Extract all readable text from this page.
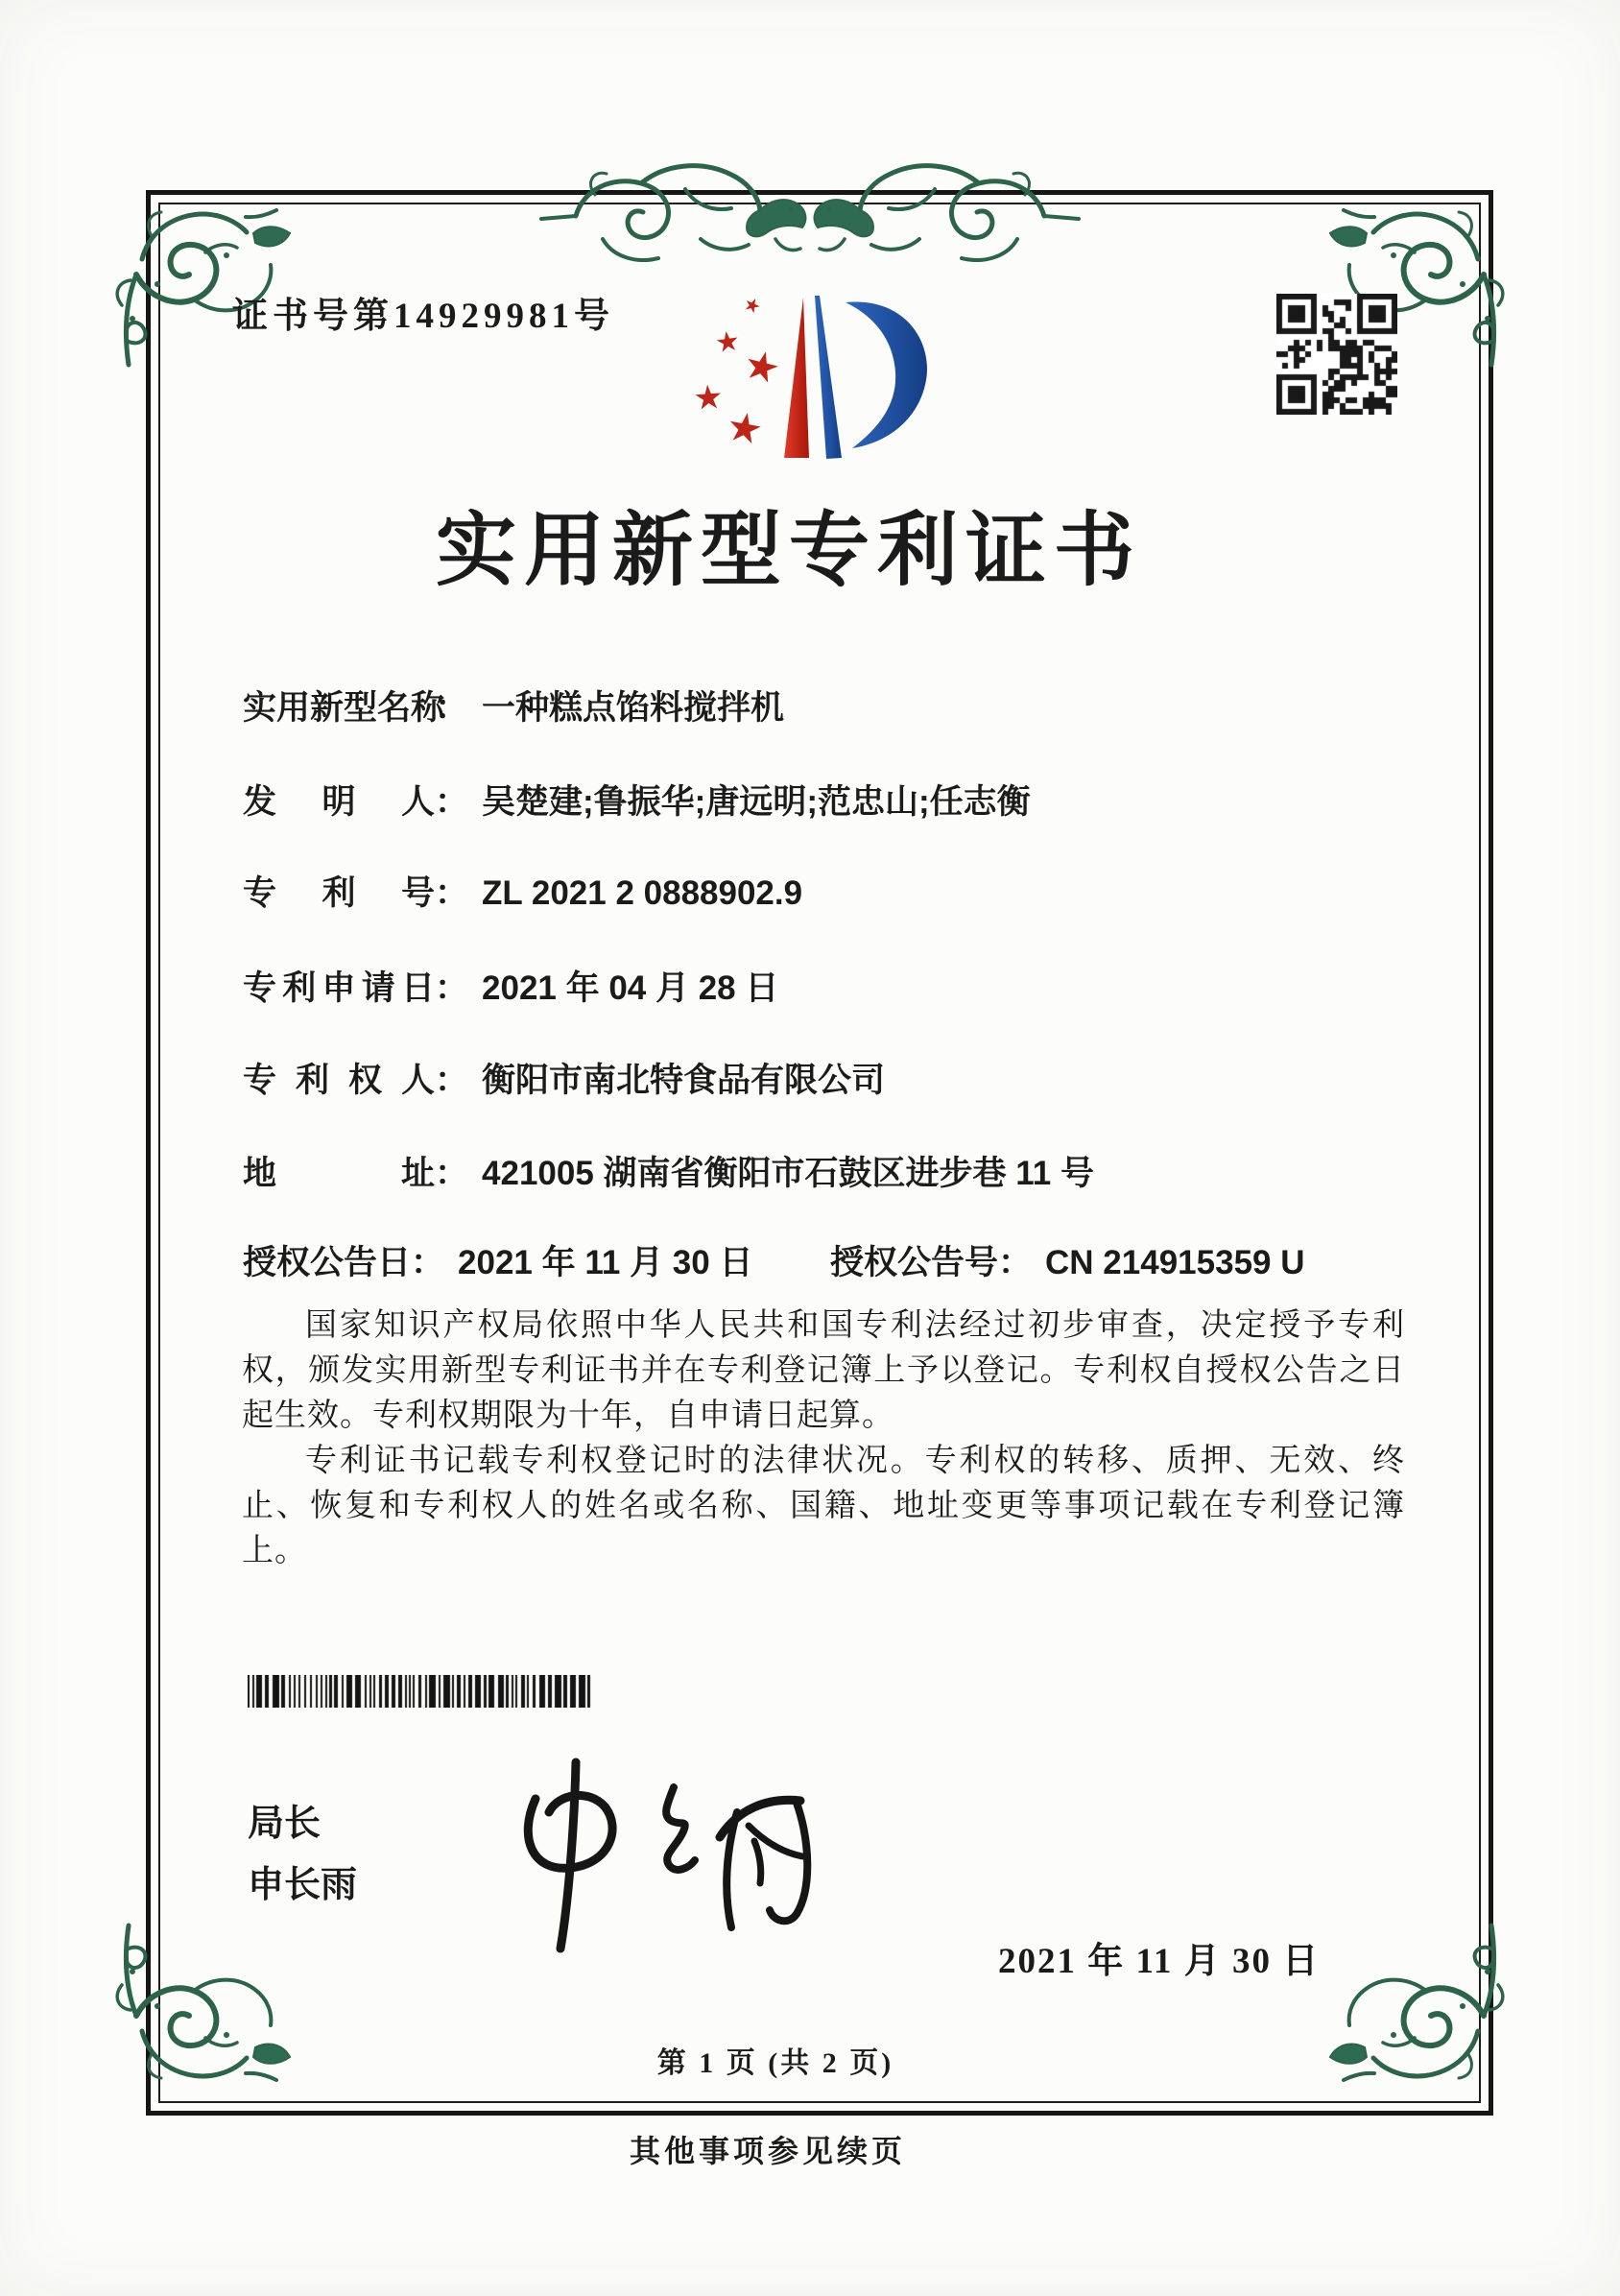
证书号第14929981号
实用新型专利证书
实用新型名称： 一种糕点馅料搅拌机
发明人： 吴楚建;鲁振华;唐远明;范忠山;任志衡
专利号： ZL 2021 2 0888902.9
专利申请日： 2021 年 04 月 28 日
专利权人： 衡阳市南北特食品有限公司
地址： 421005 湖南省衡阳市石鼓区进步巷 11 号
授权公告日： 2021 年 11 月 30 日 授权公告号： CN 214915359 U

国家知识产权局依照中华人民共和国专利法经过初步审查，决定授予专利权，颁发实用新型专利证书并在专利登记簿上予以登记。专利权自授权公告之日起生效。专利权期限为十年，自申请日起算。

专利证书记载专利权登记时的法律状况。专利权的转移、质押、无效、终止、恢复和专利权人的姓名或名称、国籍、地址变更等事项记载在专利登记簿上。

局长
申长雨
2021 年 11 月 30 日
第 1 页 (共 2 页)
其他事项参见续页
